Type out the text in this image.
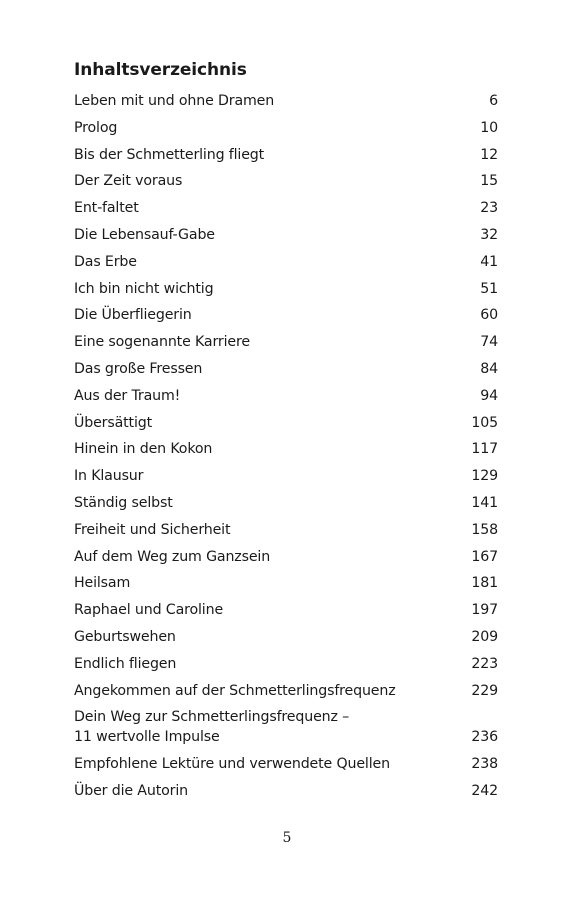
Inhaltsverzeichnis
Leben mit und ohne Dramen	6
Prolog	10
Bis der Schmetterling fliegt	12
Der Zeit voraus	15
Ent-faltet	23
Die Lebensauf-Gabe	32
Das Erbe	41
Ich bin nicht wichtig	51
Die Überfliegerin	60
Eine sogenannte Karriere	74
Das große Fressen	84
Aus der Traum!	94
Übersättigt	105
Hinein in den Kokon	117
In Klausur	129
Ständig selbst	141
Freiheit und Sicherheit	158
Auf dem Weg zum Ganzsein	167
Heilsam	181
Raphael und Caroline	197
Geburtswehen	209
Endlich fliegen	223
Angekommen auf der Schmetterlingsfrequenz	229
Dein Weg zur Schmetterlingsfrequenz –
11 wertvolle Impulse	236
Empfohlene Lektüre und verwendete Quellen	238
Über die Autorin	242
5
